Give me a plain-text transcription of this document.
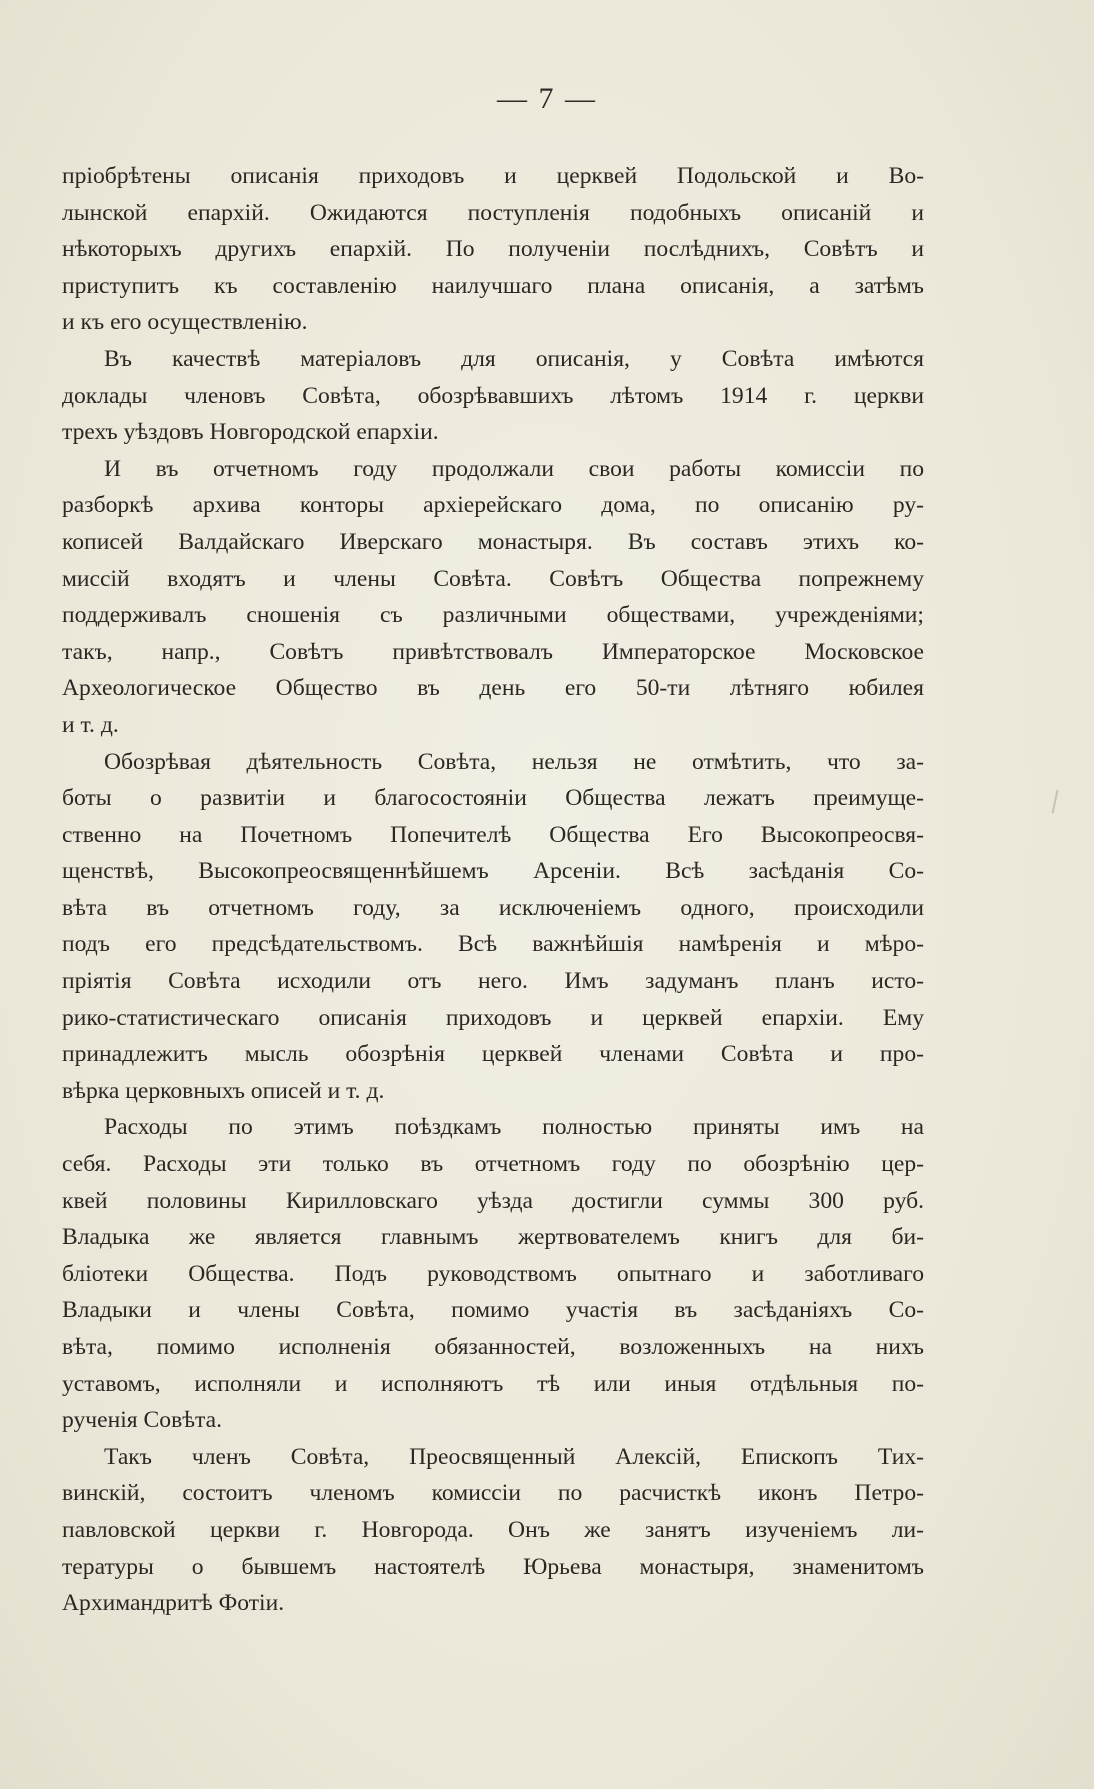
— 7 —
пріобрѣтены описанія приходовъ и церквей Подольской и Во-
лынской епархій. Ожидаются поступленія подобныхъ описаній и
нѣкоторыхъ другихъ епархій. По полученіи послѣднихъ, Совѣтъ и
приступитъ къ составленію наилучшаго плана описанія, а затѣмъ
и къ его осуществленію.
Въ качествѣ матеріаловъ для описанія, у Совѣта имѣются
доклады членовъ Совѣта, обозрѣвавшихъ лѣтомъ 1914 г. церкви
трехъ уѣздовъ Новгородской епархіи.
И въ отчетномъ году продолжали свои работы комиссіи по
разборкѣ архива конторы архіерейскаго дома, по описанію ру-
кописей Валдайскаго Иверскаго монастыря. Въ составъ этихъ ко-
миссій входятъ и члены Совѣта. Совѣтъ Общества попрежнему
поддерживалъ сношенія съ различными обществами, учрежденіями;
такъ, напр., Совѣтъ привѣтствовалъ Императорское Московское
Археологическое Общество въ день его 50-ти лѣтняго юбилея
и т. д.
Обозрѣвая дѣятельность Совѣта, нельзя не отмѣтить, что за-
боты о развитіи и благосостояніи Общества лежатъ преимуще-
ственно на Почетномъ Попечителѣ Общества Его Высокопреосвя-
щенствѣ, Высокопреосвященнѣйшемъ Арсеніи. Всѣ засѣданія Со-
вѣта въ отчетномъ году, за исключеніемъ одного, происходили
подъ его предсѣдательствомъ. Всѣ важнѣйшія намѣренія и мѣро-
пріятія Совѣта исходили отъ него. Имъ задуманъ планъ исто-
рико-статистическаго описанія приходовъ и церквей епархіи. Ему
принадлежитъ мысль обозрѣнія церквей членами Совѣта и про-
вѣрка церковныхъ описей и т. д.
Расходы по этимъ поѣздкамъ полностью приняты имъ на
себя. Расходы эти только въ отчетномъ году по обозрѣнію цер-
квей половины Кирилловскаго уѣзда достигли суммы 300 руб.
Владыка же является главнымъ жертвователемъ книгъ для би-
бліотеки Общества. Подъ руководствомъ опытнаго и заботливаго
Владыки и члены Совѣта, помимо участія въ засѣданіяхъ Со-
вѣта, помимо исполненія обязанностей, возложенныхъ на нихъ
уставомъ, исполняли и исполняютъ тѣ или иныя отдѣльныя по-
рученія Совѣта.
Такъ членъ Совѣта, Преосвященный Алексій, Епископъ Тих-
винскій, состоитъ членомъ комиссіи по расчисткѣ иконъ Петро-
павловской церкви г. Новгорода. Онъ же занятъ изученіемъ ли-
тературы о бывшемъ настоятелѣ Юрьева монастыря, знаменитомъ
Архимандритѣ Фотіи.
